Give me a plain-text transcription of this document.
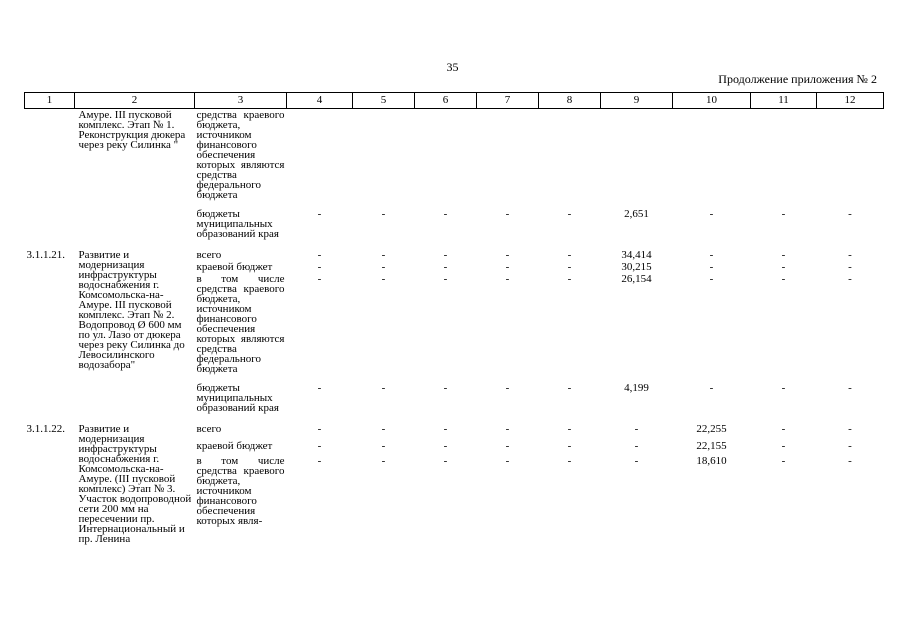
35
Продолжение приложения № 2
1	2	3	4	5	6	7	8	9	10	11	12
	Амуре. III пусковой комплекс. Этап № 1. Реконструкция дюкера через реку Силинка "	средства краевого бюджета, источником финансового обеспечения которых являются средства федерального бюджета									
		бюджеты муниципальных образований края	-	-	-	-	-	2,651	-	-	-
3.1.1.21.	Развитие и модернизация инфраструктуры водоснабжения г. Комсомольска-на-Амуре. III пусковой комплекс. Этап № 2. Водопровод Ø 600 мм по ул. Лазо от дюкера через реку Силинка до Левосилинского водозабора"	всего	-	-	-	-	-	34,414	-	-	-
		краевой бюджет	-	-	-	-	-	30,215	-	-	-
		в том числе средства краевого бюджета, источником финансового обеспечения которых являются средства федерального бюджета	-	-	-	-	-	26,154	-	-	-
		бюджеты муниципальных образований края	-	-	-	-	-	4,199	-	-	-
3.1.1.22.	Развитие и модернизация инфраструктуры водоснабжения г. Комсомольска-на-Амуре. (III пусковой комплекс) Этап № 3. Участок водопроводной сети 200 мм на пересечении пр. Интернациональный и пр. Ленина	всего	-	-	-	-	-	-	22,255	-	-
		краевой бюджет	-	-	-	-	-	-	22,155	-	-
		в том числе средства краевого бюджета, источником финансового обеспечения которых явля-	-	-	-	-	-	-	18,610	-	-
